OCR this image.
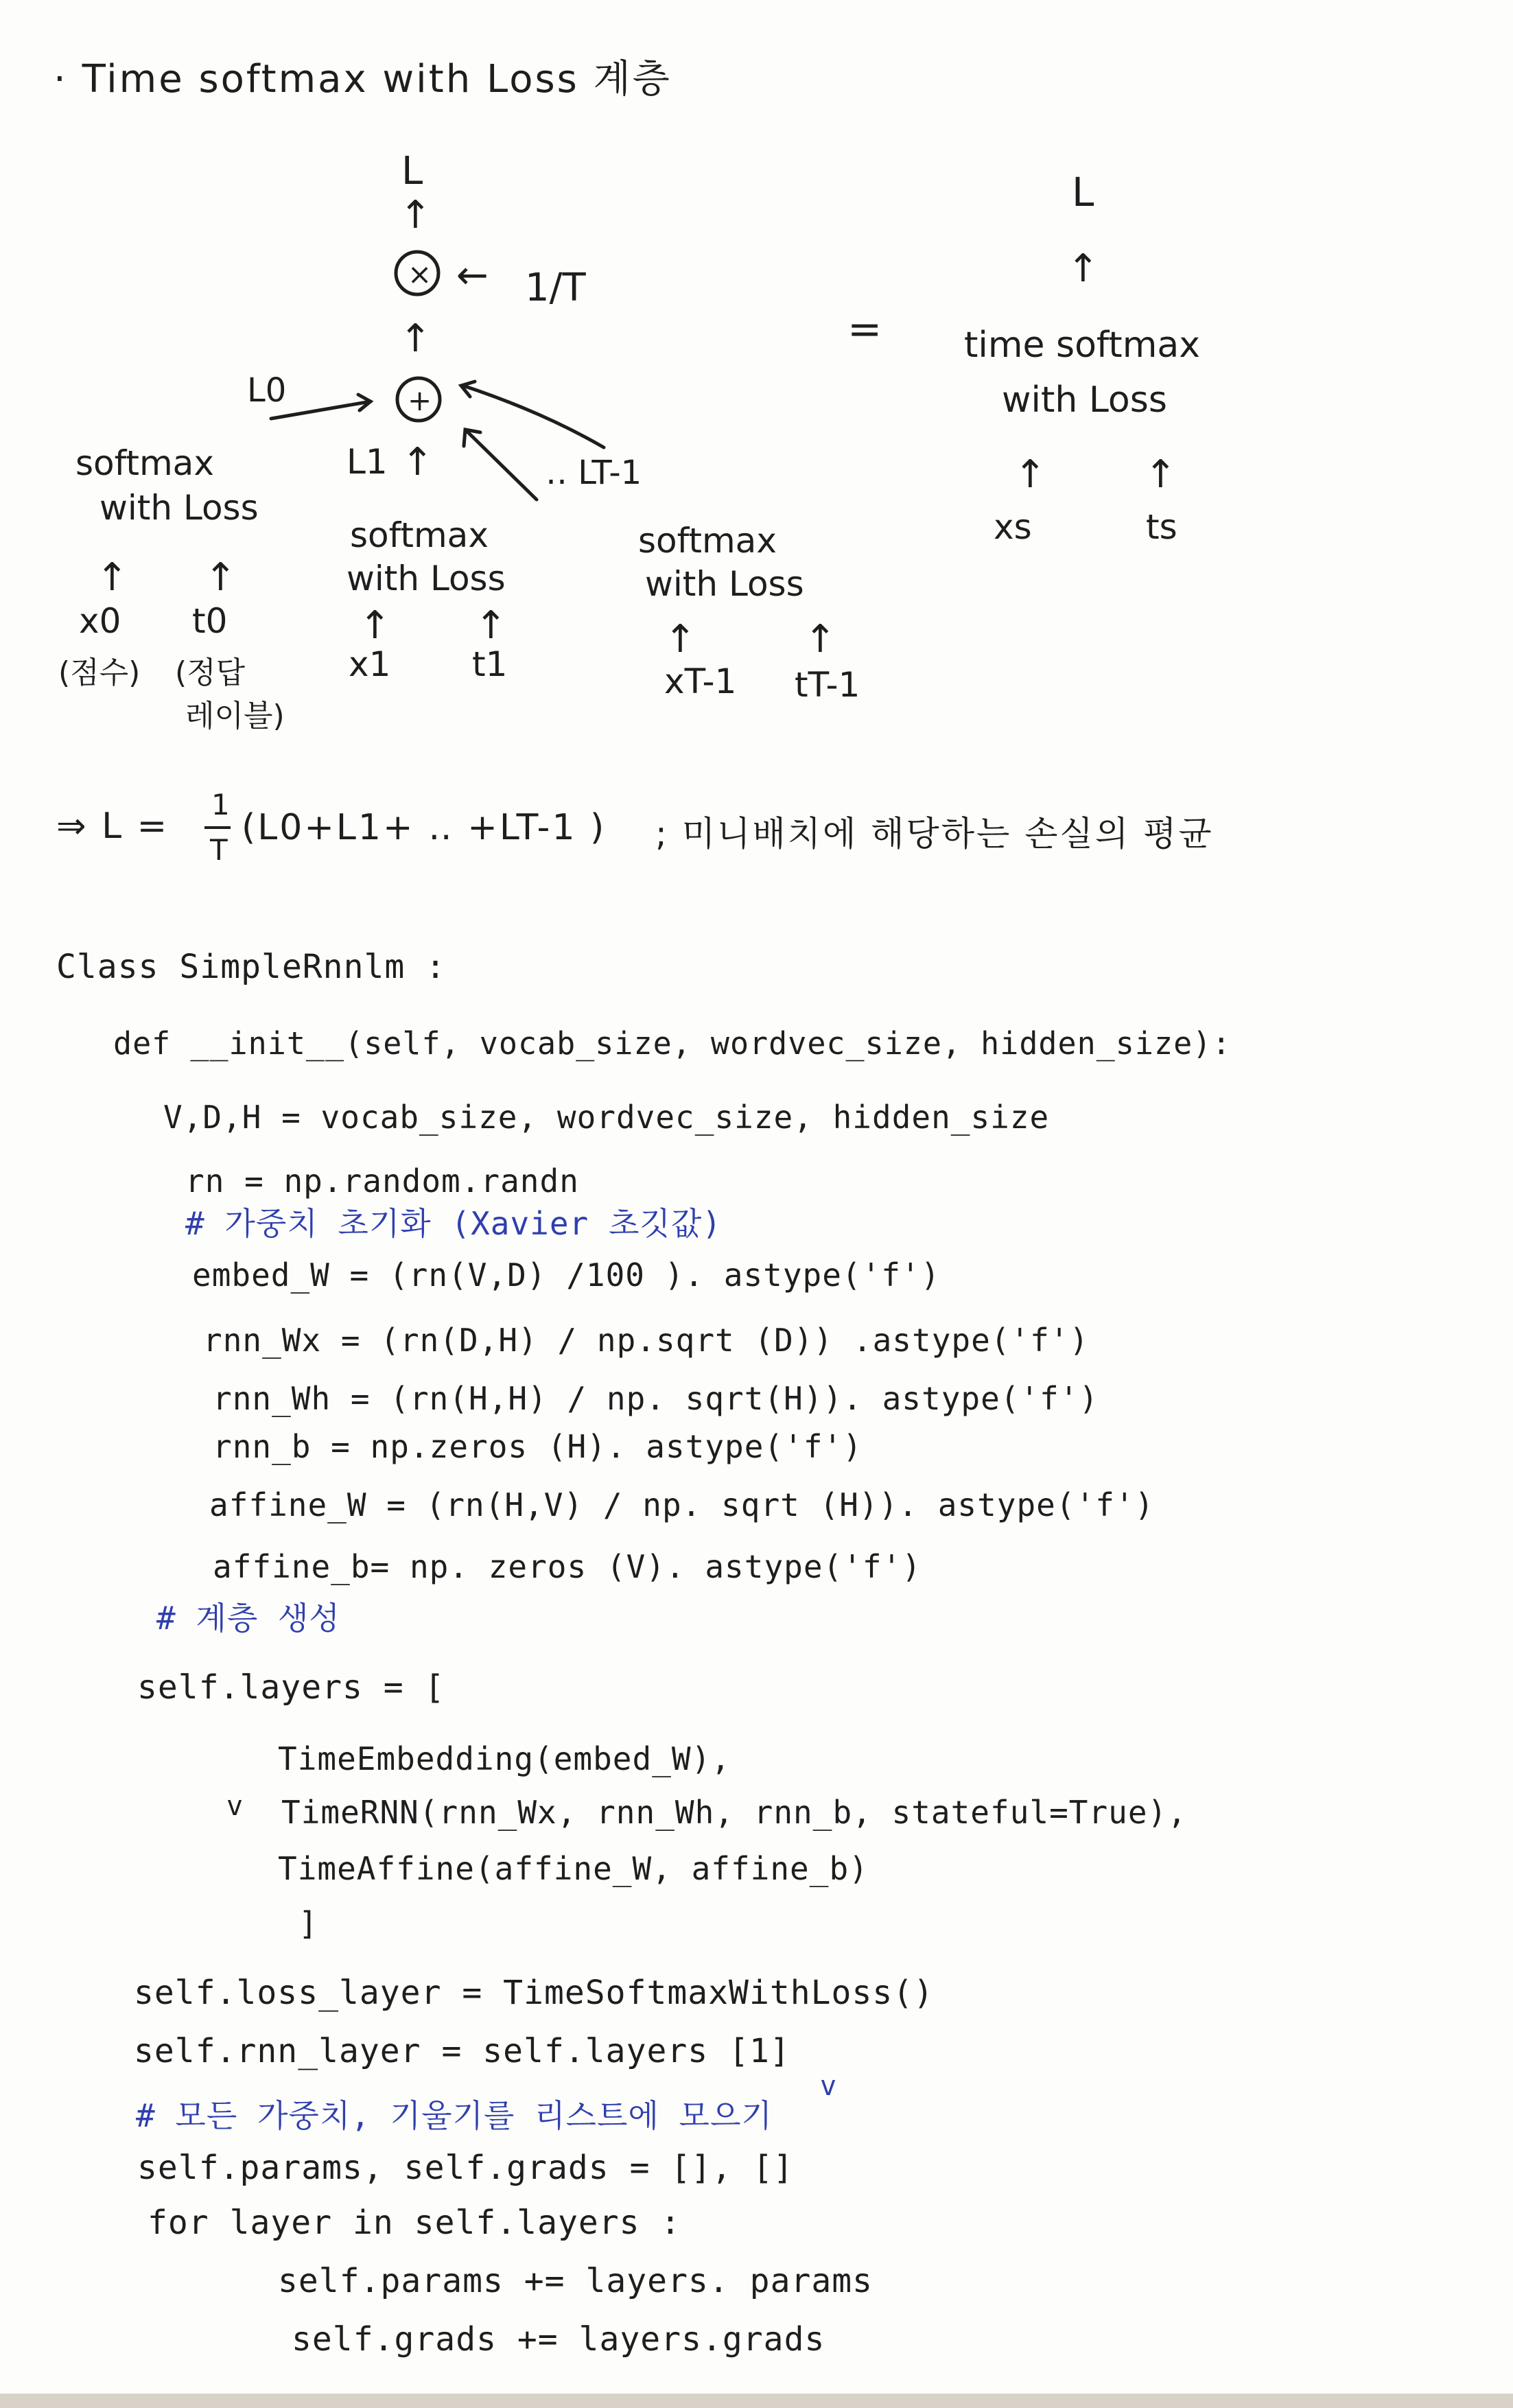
· Time softmax with Loss 계층
L
↑
× ← 1/T
↑
+
L0
L1 ↑	‥ LT-1
softmax
with Loss
↑ ↑
x0 t0
(점수) (정답
레이블)
softmax
with Loss
↑ ↑
x1 t1
softmax
with Loss
↑	↑
xT-1 tT-1
=
L
↑
time softmax
with Loss
↑	↑
xs	ts
⇒ L =
1
T
(L0+L1+ ‥ +LT-1 ) ; 미니배치에 해당하는 손실의 평균
Class SimpleRnnlm :
def __init__(self, vocab_size, wordvec_size, hidden_size):
V,D,H = vocab_size, wordvec_size, hidden_size
rn = np.random.randn
# 가중치 초기화 (Xavier 초깃값)
embed_W = (rn(V,D) /100 ). astype('f')
rnn_Wx = (rn(D,H) / np.sqrt (D)) .astype('f')
rnn_Wh = (rn(H,H) / np. sqrt(H)). astype('f')
rnn_b = np.zeros (H). astype('f')
affine_W = (rn(H,V) / np. sqrt (H)). astype('f')
affine_b= np. zeros (V). astype('f')
# 계층 생성
self.layers = [
TimeEmbedding(embed_W),
v TimeRNN(rnn_Wx, rnn_Wh, rnn_b, stateful=True),
TimeAffine(affine_W, affine_b)
]
self.loss_layer = TimeSoftmaxWithLoss()
self.rnn_layer = self.layers [1]
v
# 모든 가중치, 기울기를 리스트에 모으기
self.params, self.grads = [], []
for layer in self.layers :
self.params += layers. params
self.grads += layers.grads
